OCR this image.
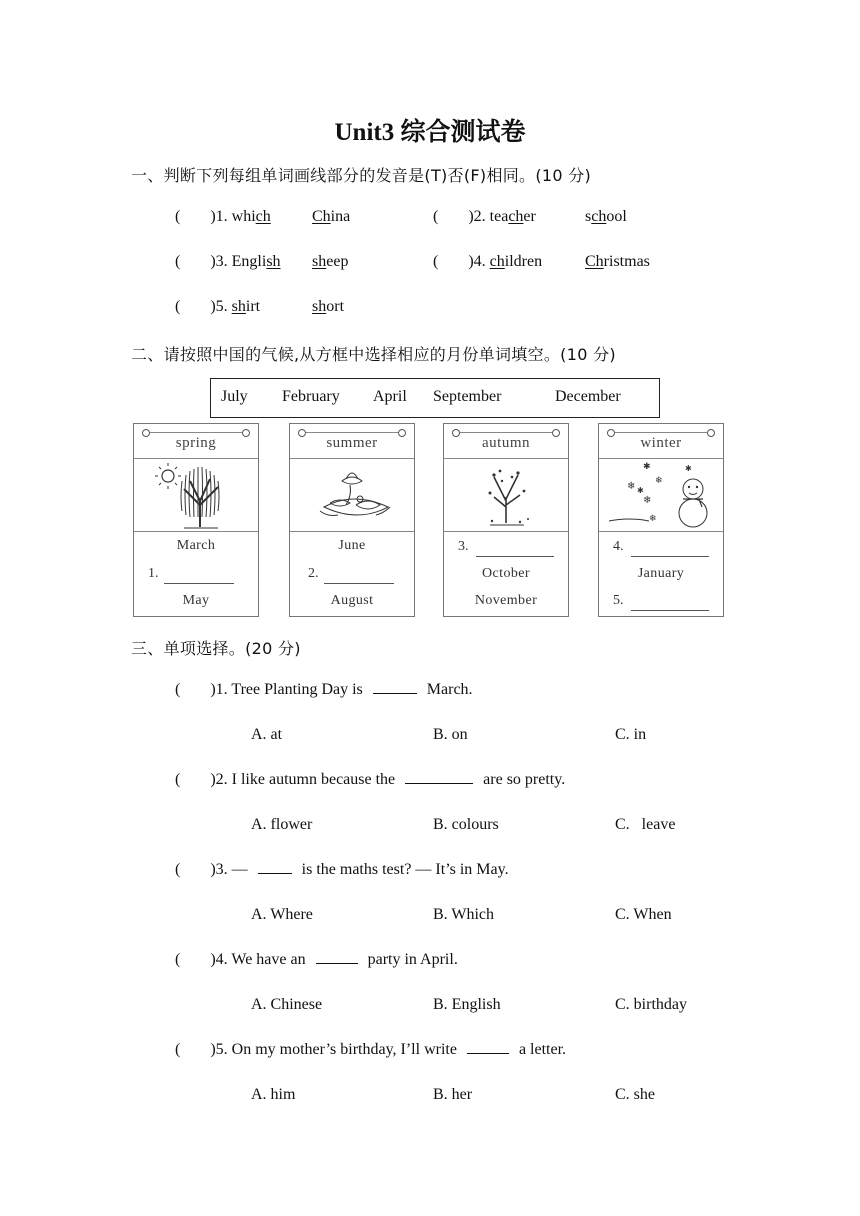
Unit3 综合测试卷
一、判断下列每组单词画线部分的发音是(T)否(F)相同。(10 分)
( )1. which	China	( )2. teacher	school
( )3. English sheep	( )4. children	Christmas
( )5. shirt	short
二、请按照中国的气候,从方框中选择相应的月份单词填空。(10 分)
July February April September	December
spring
March
1.
May
summer
June
2.
August
autumn
3.
October
November
winter
✱
❄
❄
❄
✱
❄
✱
4.
January
5.
三、单项选择。(20 分)
( )1. Tree Planting Day is	March.
A. at	B. on	C. in
( )2. I like autumn because the	are so pretty.
A. flower	B. colours	C.   leave
( )3. —	is the maths test? — It’s in May.
A. Where	B. Which	C. When
( )4. We have an	party in April.
A. Chinese	B. English	C. birthday
( )5. On my mother’s birthday, I’ll write	a letter.
A. him	B. her	C. she
